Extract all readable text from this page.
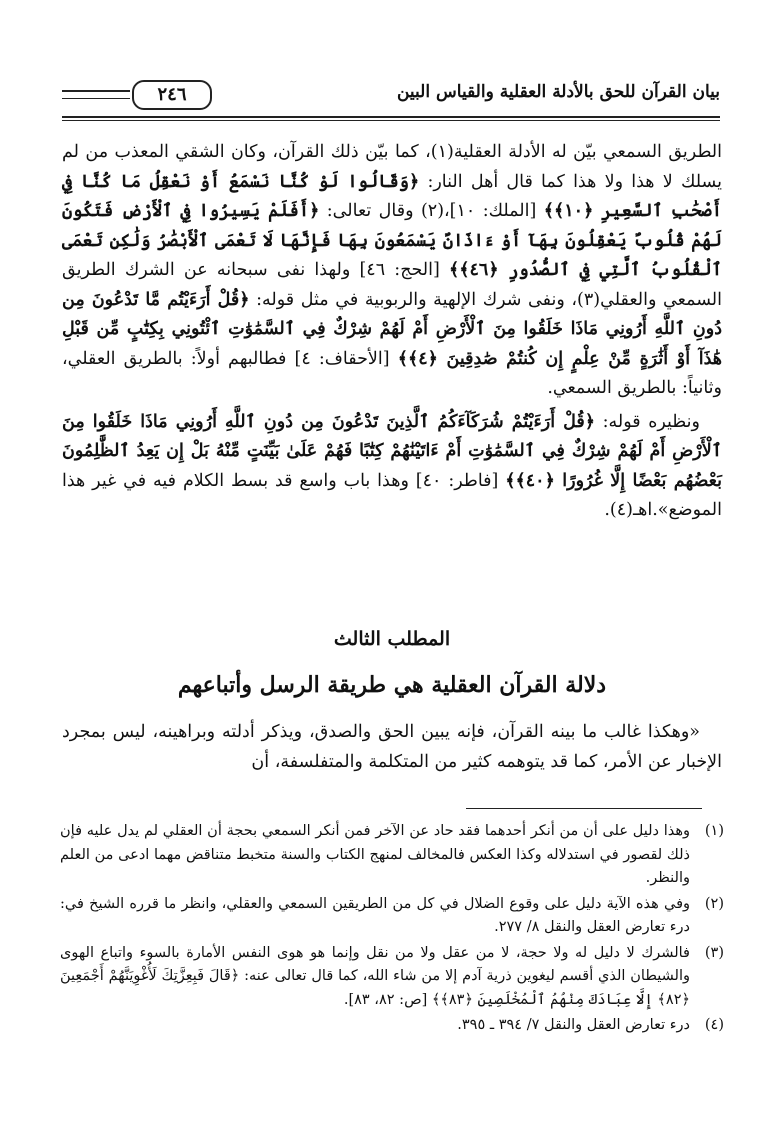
بيان القرآن للحق بالأدلة العقلية والقياس البين
٢٤٦

الطريق السمعي بيّن له الأدلة العقلية(١)، كما بيّن ذلك القرآن، وكان الشقي المعذب من لم يسلك لا هذا ولا هذا كما قال أهل النار: ﴿وَقَالُوا لَوْ كُنَّا نَسْمَعُ أَوْ نَعْقِلُ مَا كُنَّا فِي أَصْحَٰبِ ٱلسَّعِيرِ ﴿١٠﴾﴾ [الملك: ١٠]،(٢) وقال تعالى: ﴿أَفَلَمْ يَسِيرُوا فِي ٱلْأَرْضِ فَتَكُونَ لَهُمْ قُلُوبٌ يَعْقِلُونَ بِهَآ أَوْ ءَاذَانٌ يَسْمَعُونَ بِهَا فَإِنَّهَا لَا تَعْمَى ٱلْأَبْصَٰرُ وَلَٰكِن تَعْمَى ٱلْقُلُوبُ ٱلَّتِي فِي ٱلصُّدُورِ ﴿٤٦﴾﴾ [الحج: ٤٦] ولهذا نفى سبحانه عن الشرك الطريق السمعي والعقلي(٣)، ونفى شرك الإلهية والربوبية في مثل قوله: ﴿قُلْ أَرَءَيْتُم مَّا تَدْعُونَ مِن دُونِ ٱللَّهِ أَرُونِي مَاذَا خَلَقُوا مِنَ ٱلْأَرْضِ أَمْ لَهُمْ شِرْكٌ فِي ٱلسَّمَٰوَٰتِ ٱئْتُونِي بِكِتَٰبٍ مِّن قَبْلِ هَٰذَآ أَوْ أَثَٰرَةٍ مِّنْ عِلْمٍ إِن كُنتُمْ صَٰدِقِينَ ﴿٤﴾﴾ [الأحقاف: ٤] فطالبهم أولاً: بالطريق العقلي، وثانياً: بالطريق السمعي.

ونظيره قوله: ﴿قُلْ أَرَءَيْتُمْ شُرَكَآءَكُمُ ٱلَّذِينَ تَدْعُونَ مِن دُونِ ٱللَّهِ أَرُونِي مَاذَا خَلَقُوا مِنَ ٱلْأَرْضِ أَمْ لَهُمْ شِرْكٌ فِي ٱلسَّمَٰوَٰتِ أَمْ ءَاتَيْنَٰهُمْ كِتَٰبًا فَهُمْ عَلَىٰ بَيِّنَتٍ مِّنْهُ بَلْ إِن يَعِدُ ٱلظَّٰلِمُونَ بَعْضُهُم بَعْضًا إِلَّا غُرُورًا ﴿٤٠﴾﴾ [فاطر: ٤٠] وهذا باب واسع قد بسط الكلام فيه في غير هذا الموضع».اهـ(٤).

المطلب الثالث
دلالة القرآن العقلية هي طريقة الرسل وأتباعهم

«وهكذا غالب ما بينه القرآن، فإنه يبين الحق والصدق، ويذكر أدلته وبراهينه، ليس بمجرد الإخبار عن الأمر، كما قد يتوهمه كثير من المتكلمة والمتفلسفة، أن

(١)
وهذا دليل على أن من أنكر أحدهما فقد حاد عن الآخر فمن أنكر السمعي بحجة أن العقلي لم يدل عليه فإن ذلك لقصور في استدلاله وكذا العكس فالمخالف لمنهج الكتاب والسنة متخبط متناقض مهما ادعى من العلم والنظر.
(٢)
وفي هذه الآية دليل على وقوع الضلال في كل من الطريقين السمعي والعقلي، وانظر ما قرره الشيخ في: درء تعارض العقل والنقل ٨/ ٢٧٧.
(٣)
فالشرك لا دليل له ولا حجة، لا من عقل ولا من نقل وإنما هو هوى النفس الأمارة بالسوء واتباع الهوى والشيطان الذي أقسم ليغوين ذرية آدم إلا من شاء الله، كما قال تعالى عنه: ﴿قَالَ فَبِعِزَّتِكَ لَأُغْوِيَنَّهُمْ أَجْمَعِينَ ﴿٨٢﴾ إِلَّا عِبَادَكَ مِنْهُمُ ٱلْمُخْلَصِينَ ﴿٨٣﴾﴾ [ص: ٨٢، ٨٣].
(٤)
درء تعارض العقل والنقل ٧/ ٣٩٤ ـ ٣٩٥.
